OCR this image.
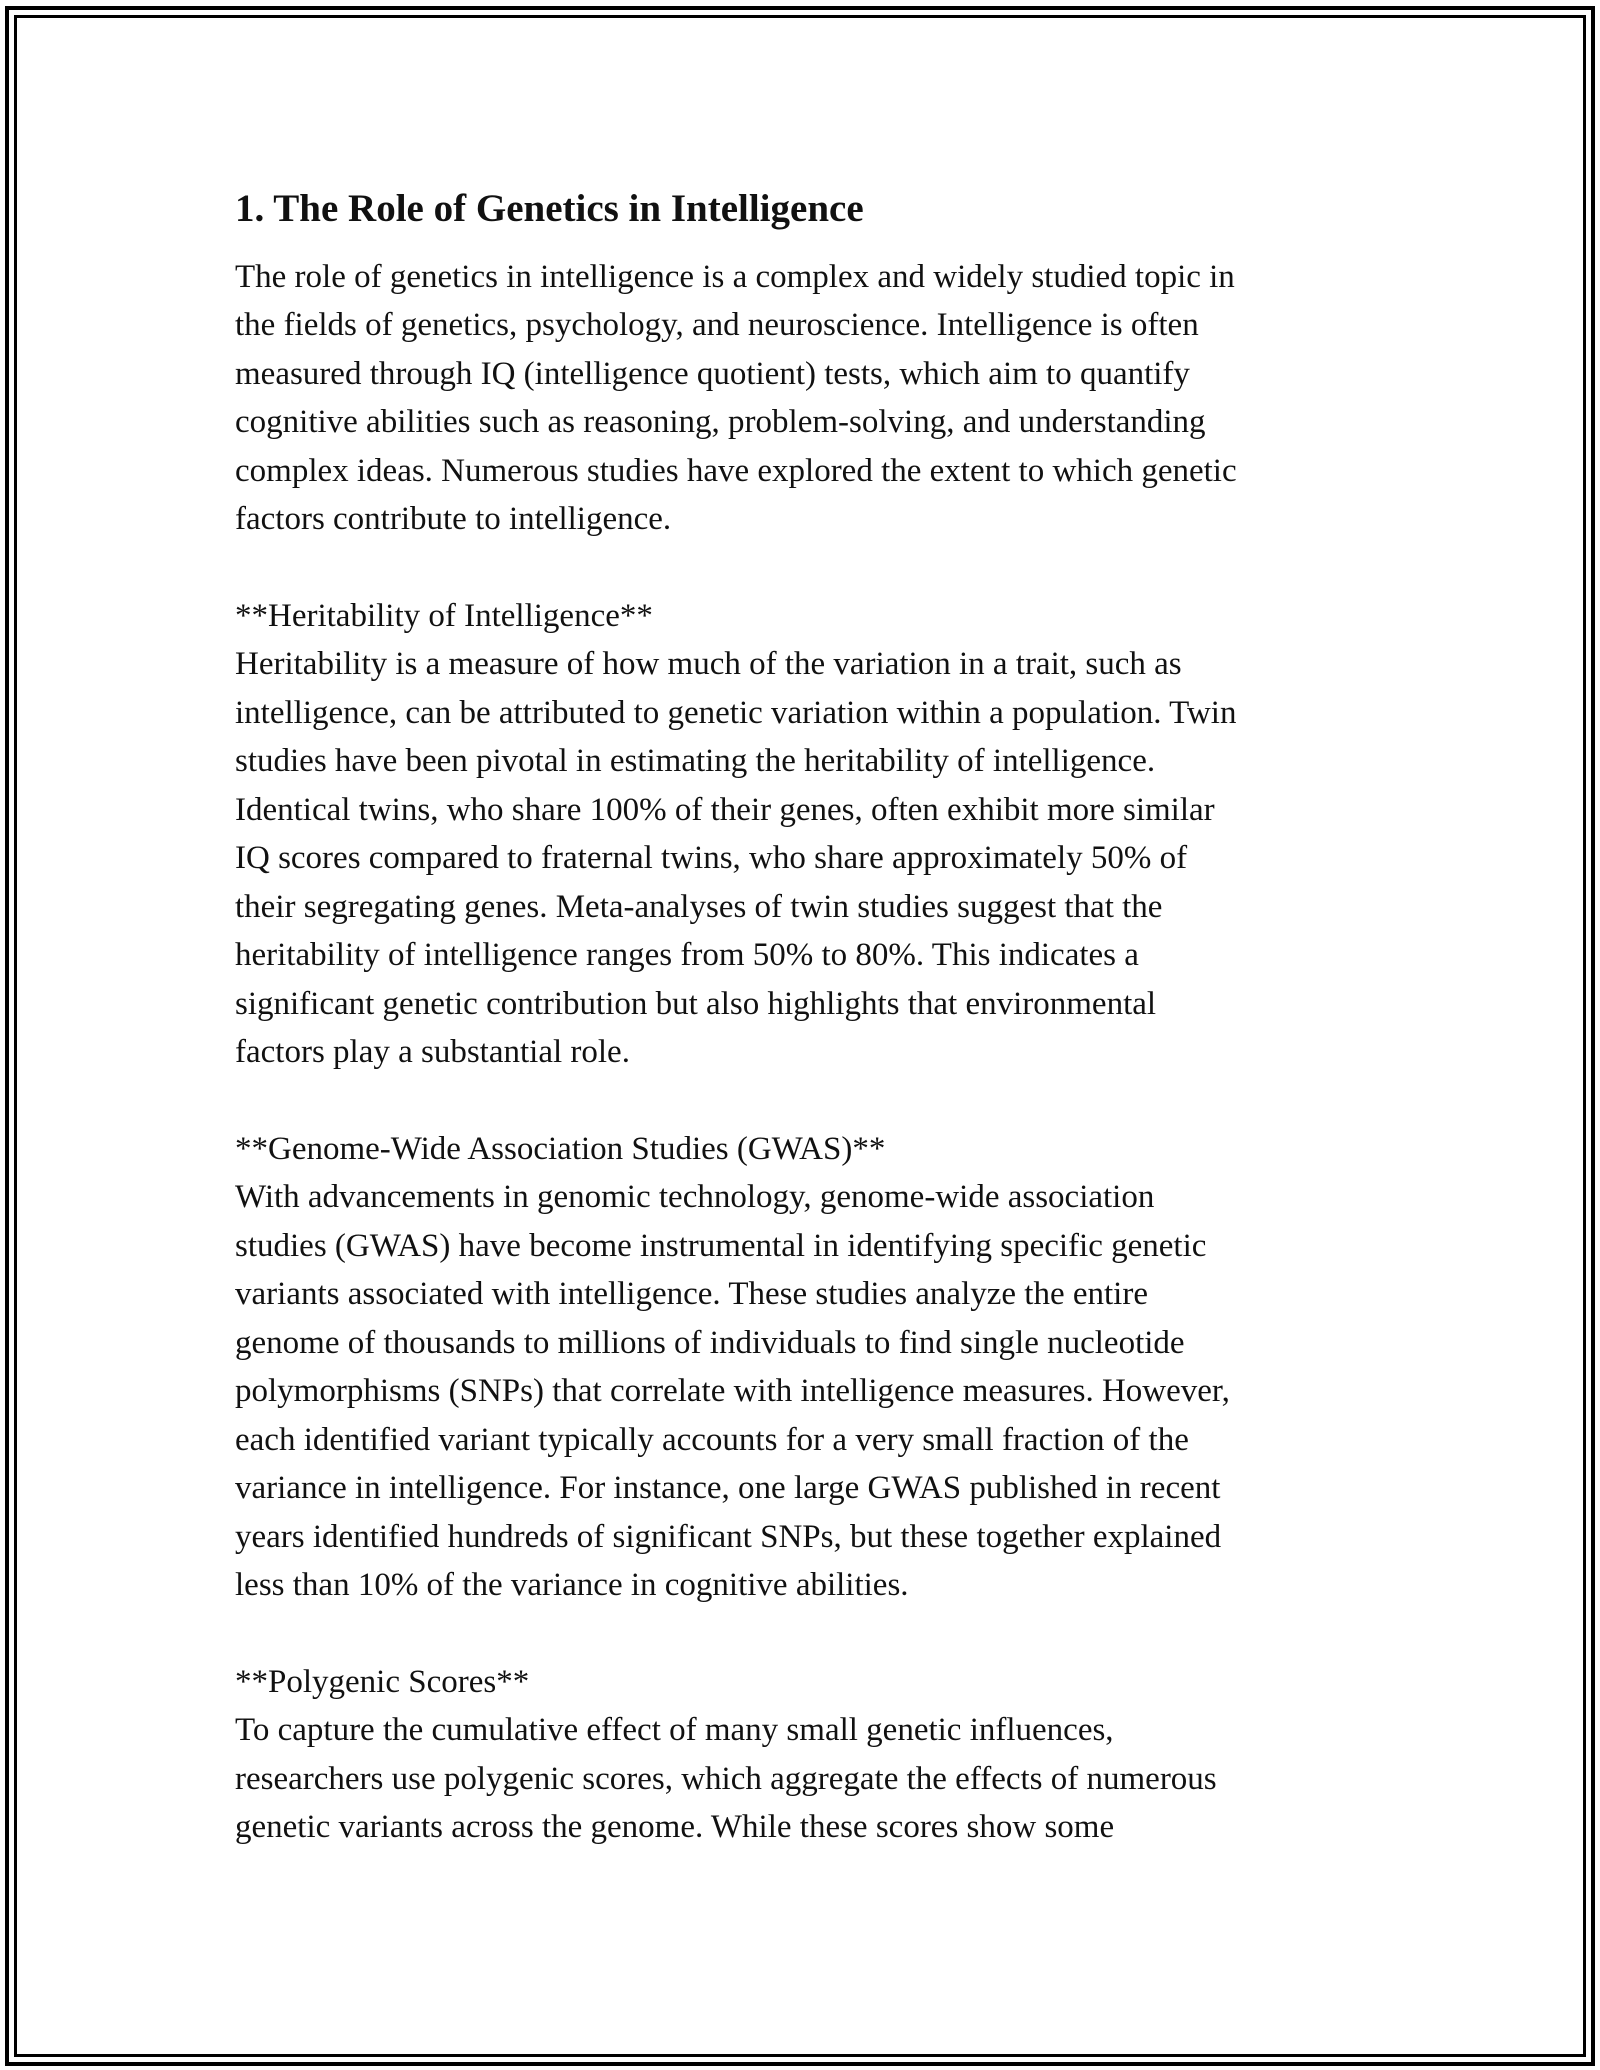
1. The Role of Genetics in Intelligence

The role of genetics in intelligence is a complex and widely studied topic in
the fields of genetics, psychology, and neuroscience. Intelligence is often
measured through IQ (intelligence quotient) tests, which aim to quantify
cognitive abilities such as reasoning, problem-solving, and understanding
complex ideas. Numerous studies have explored the extent to which genetic
factors contribute to intelligence.

**Heritability of Intelligence**
Heritability is a measure of how much of the variation in a trait, such as
intelligence, can be attributed to genetic variation within a population. Twin
studies have been pivotal in estimating the heritability of intelligence.
Identical twins, who share 100% of their genes, often exhibit more similar
IQ scores compared to fraternal twins, who share approximately 50% of
their segregating genes. Meta-analyses of twin studies suggest that the
heritability of intelligence ranges from 50% to 80%. This indicates a
significant genetic contribution but also highlights that environmental
factors play a substantial role.

**Genome-Wide Association Studies (GWAS)**
With advancements in genomic technology, genome-wide association
studies (GWAS) have become instrumental in identifying specific genetic
variants associated with intelligence. These studies analyze the entire
genome of thousands to millions of individuals to find single nucleotide
polymorphisms (SNPs) that correlate with intelligence measures. However,
each identified variant typically accounts for a very small fraction of the
variance in intelligence. For instance, one large GWAS published in recent
years identified hundreds of significant SNPs, but these together explained
less than 10% of the variance in cognitive abilities.

**Polygenic Scores**
To capture the cumulative effect of many small genetic influences,
researchers use polygenic scores, which aggregate the effects of numerous
genetic variants across the genome. While these scores show some
